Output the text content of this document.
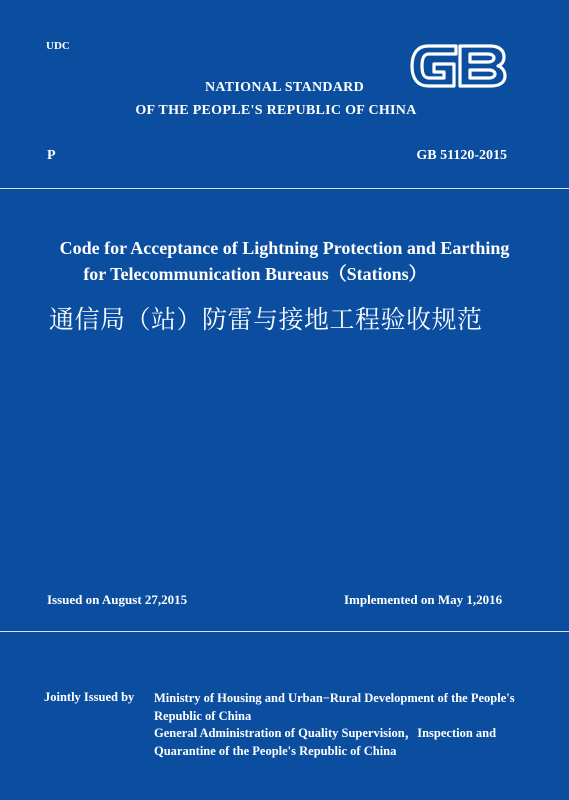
UDC
NATIONAL STANDARD
OF THE PEOPLE'S REPUBLIC OF CHINA
P	GB 51120-2015
Code for Acceptance of Lightning Protection and Earthing
for Telecommunication Bureaus（Stations）
通信局（站）防雷与接地工程验收规范
Issued on August 27,2015	Implemented on May 1,2016
Jointly Issued by Ministry of Housing and Urban−Rural Development of the People's
Republic of China
General Administration of Quality Supervision，Inspection and
Quarantine of the People's Republic of China
